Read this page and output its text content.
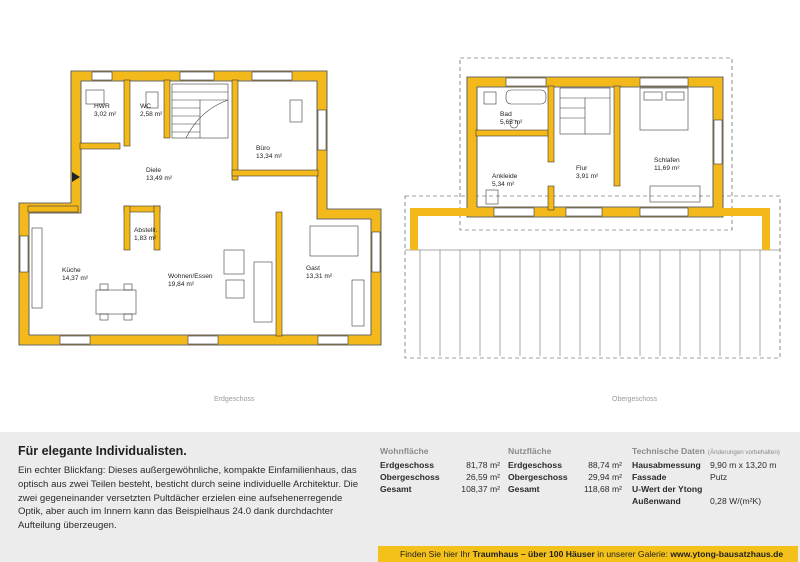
HWR
3,02 m²
WC
2,58 m²
Diele
13,49 m²
Büro
13,34 m²
Abstellr.
1,83 m²
Küche
14,37 m²	Wohnen/Essen
19,84 m²
Gast
13,31 m²
Bad
5,65 m²
Ankleide
5,34 m²
Flur
3,91 m²
Schlafen
11,69 m²
Erdgeschoss	Obergeschoss
Für elegante Individualisten.
Ein echter Blickfang: Dieses außergewöhnliche, kompakte Einfamilienhaus, das optisch aus zwei Teilen besteht, besticht durch seine individuelle Architektur. Die zwei gegeneinander versetzten Pultdächer erzielen eine aufsehenerregende Optik, aber auch im Innern kann das Beispielhaus 24.0 dank durchdachter Aufteilung überzeugen.
Wohnfläche
Erdgeschoss	81,78 m²
Obergeschoss	26,59 m²
Gesamt	108,37 m²
Nutzfläche
Erdgeschoss	88,74 m²
Obergeschoss	29,94 m²
Gesamt	118,68 m²
Technische Daten (Änderungen vorbehalten)
Hausabmessung	9,90 m x 13,20 m
Fassade	Putz
U-Wert der Ytong
Außenwand	0,28 W/(m²K)
Finden Sie hier Ihr Traumhaus – über 100 Häuser in unserer Galerie: www.ytong-bausatzhaus.de
